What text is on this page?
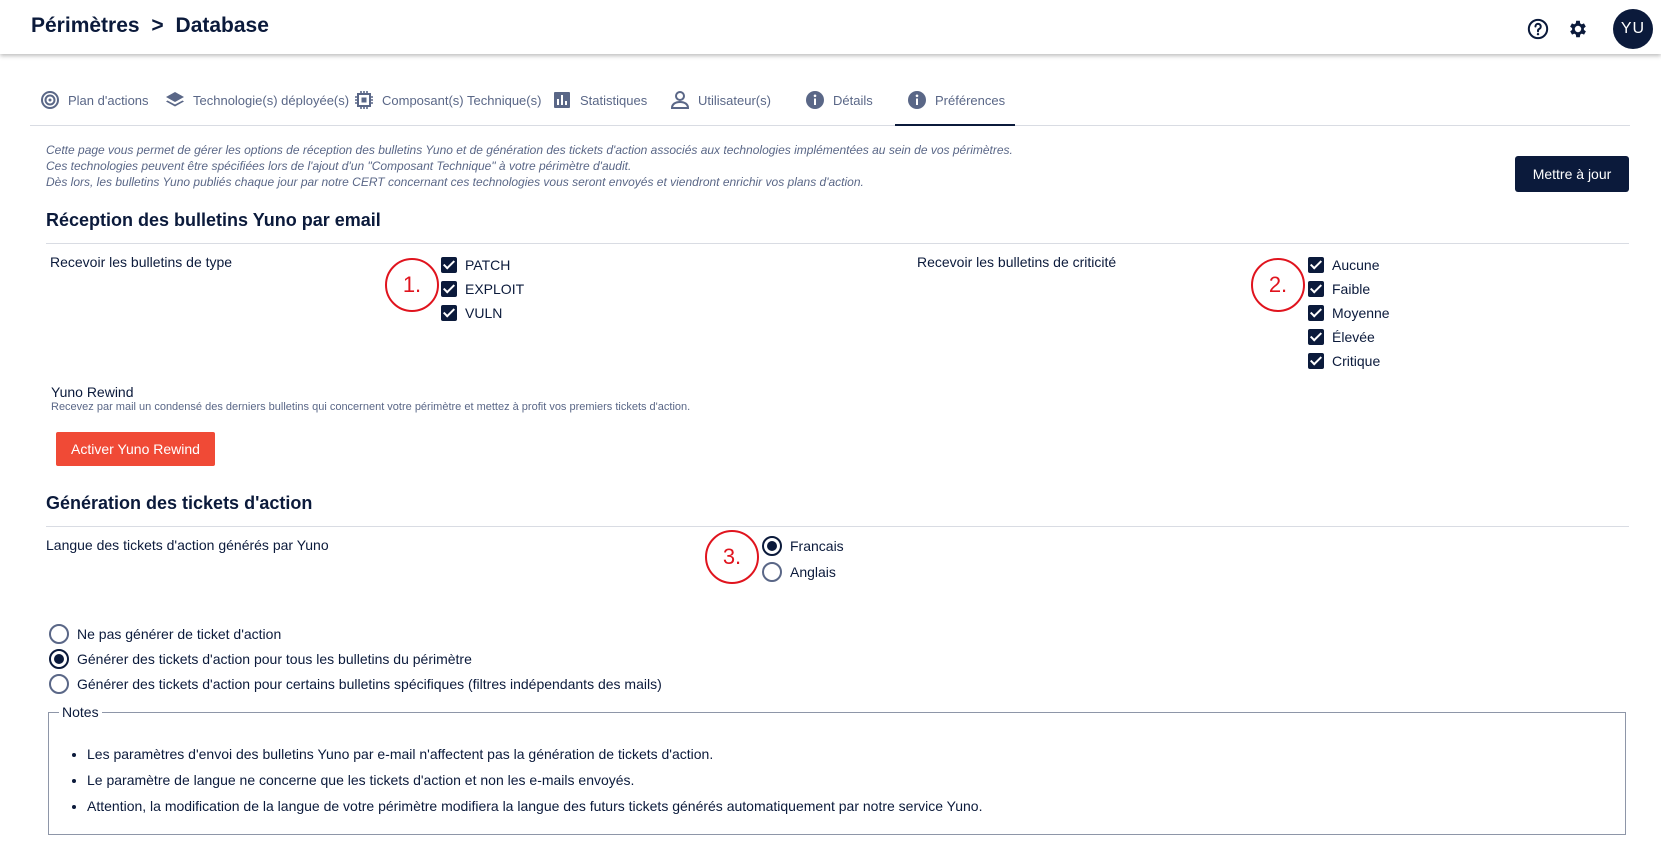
Périmètres > Database	YU
Plan d'actions	Technologie(s) déployée(s)	Composant(s) Technique(s)	Statistiques	Utilisateur(s)	Détails	Préférences
Cette page vous permet de gérer les options de réception des bulletins Yuno et de génération des tickets d'action associés aux technologies implémentées au sein de vos périmètres.
Ces technologies peuvent être spécifiées lors de l'ajout d'un "Composant Technique" à votre périmètre d'audit.
Dès lors, les bulletins Yuno publiés chaque jour par notre CERT concernant ces technologies vous seront envoyés et viendront enrichir vos plans d'action.	Mettre à jour
Réception des bulletins Yuno par email
Recevoir les bulletins de type	PATCH
EXPLOIT
VULN
1.
Recevoir les bulletins de criticité	Aucune
Faible
Moyenne
Élevée
Critique
2.
Yuno Rewind
Recevez par mail un condensé des derniers bulletins qui concernent votre périmètre et mettez à profit vos premiers tickets d'action.
Activer Yuno Rewind
Génération des tickets d'action
Langue des tickets d'action générés par Yuno	Francais
Anglais
3.
Ne pas générer de ticket d'action
Générer des tickets d'action pour tous les bulletins du périmètre
Générer des tickets d'action pour certains bulletins spécifiques (filtres indépendants des mails)
Notes
• Les paramètres d'envoi des bulletins Yuno par e-mail n'affectent pas la génération de tickets d'action.
• Le paramètre de langue ne concerne que les tickets d'action et non les e-mails envoyés.
• Attention, la modification de la langue de votre périmètre modifiera la langue des futurs tickets générés automatiquement par notre service Yuno.
